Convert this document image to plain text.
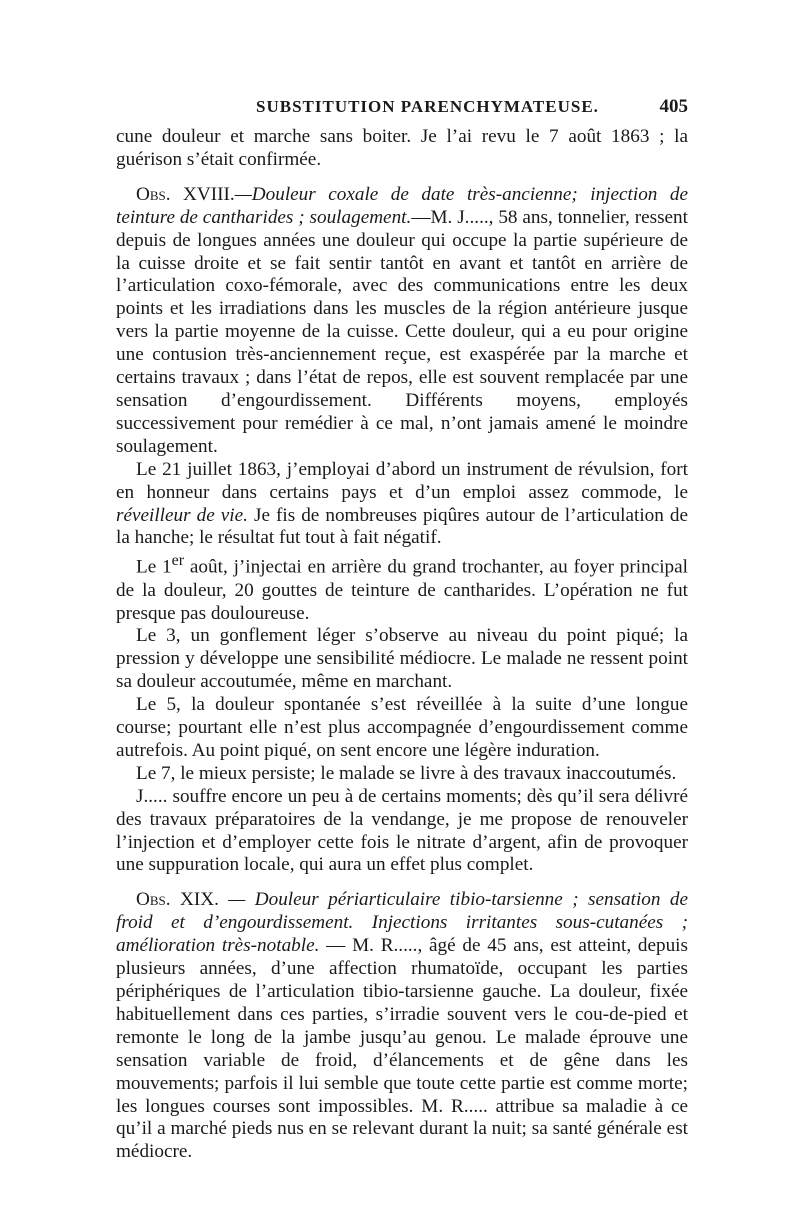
SUBSTITUTION PARENCHYMATEUSE.	405

cune douleur et marche sans boiter. Je l’ai revu le 7 août 1863 ; la guérison s’était confirmée.

Obs. XVIII.—Douleur coxale de date très-ancienne; injection de teinture de cantharides ; soulagement.—M. J....., 58 ans, tonnelier, ressent depuis de longues années une douleur qui occupe la partie supérieure de la cuisse droite et se fait sentir tantôt en avant et tantôt en arrière de l’articulation coxo-fémorale, avec des communications entre les deux points et les irradiations dans les muscles de la région antérieure jusque vers la partie moyenne de la cuisse. Cette douleur, qui a eu pour origine une contusion très-anciennement reçue, est exaspérée par la marche et certains travaux ; dans l’état de repos, elle est souvent remplacée par une sensation d’engourdissement. Différents moyens, employés successivement pour remédier à ce mal, n’ont jamais amené le moindre soulagement.

Le 21 juillet 1863, j’employai d’abord un instrument de révulsion, fort en honneur dans certains pays et d’un emploi assez commode, le réveilleur de vie. Je fis de nombreuses piqûres autour de l’articulation de la hanche; le résultat fut tout à fait négatif.

Le 1er août, j’injectai en arrière du grand trochanter, au foyer principal de la douleur, 20 gouttes de teinture de cantharides. L’opération ne fut presque pas douloureuse.

Le 3, un gonflement léger s’observe au niveau du point piqué; la pression y développe une sensibilité médiocre. Le malade ne ressent point sa douleur accoutumée, même en marchant.

Le 5, la douleur spontanée s’est réveillée à la suite d’une longue course; pourtant elle n’est plus accompagnée d’engourdissement comme autrefois. Au point piqué, on sent encore une légère induration.

Le 7, le mieux persiste; le malade se livre à des travaux inaccoutumés.

J..... souffre encore un peu à de certains moments; dès qu’il sera délivré des travaux préparatoires de la vendange, je me propose de renouveler l’injection et d’employer cette fois le nitrate d’argent, afin de provoquer une suppuration locale, qui aura un effet plus complet.

Obs. XIX. — Douleur périarticulaire tibio-tarsienne ; sensation de froid et d’engourdissement. Injections irritantes sous-cutanées ; amélioration très-notable. — M. R....., âgé de 45 ans, est atteint, depuis plusieurs années, d’une affection rhumatoïde, occupant les parties périphériques de l’articulation tibio-tarsienne gauche. La douleur, fixée habituellement dans ces parties, s’irradie souvent vers le cou-de-pied et remonte le long de la jambe jusqu’au genou. Le malade éprouve une sensation variable de froid, d’élancements et de gêne dans les mouvements; parfois il lui semble que toute cette partie est comme morte; les longues courses sont impossibles. M. R..... attribue sa maladie à ce qu’il a marché pieds nus en se relevant durant la nuit; sa santé générale est médiocre.
